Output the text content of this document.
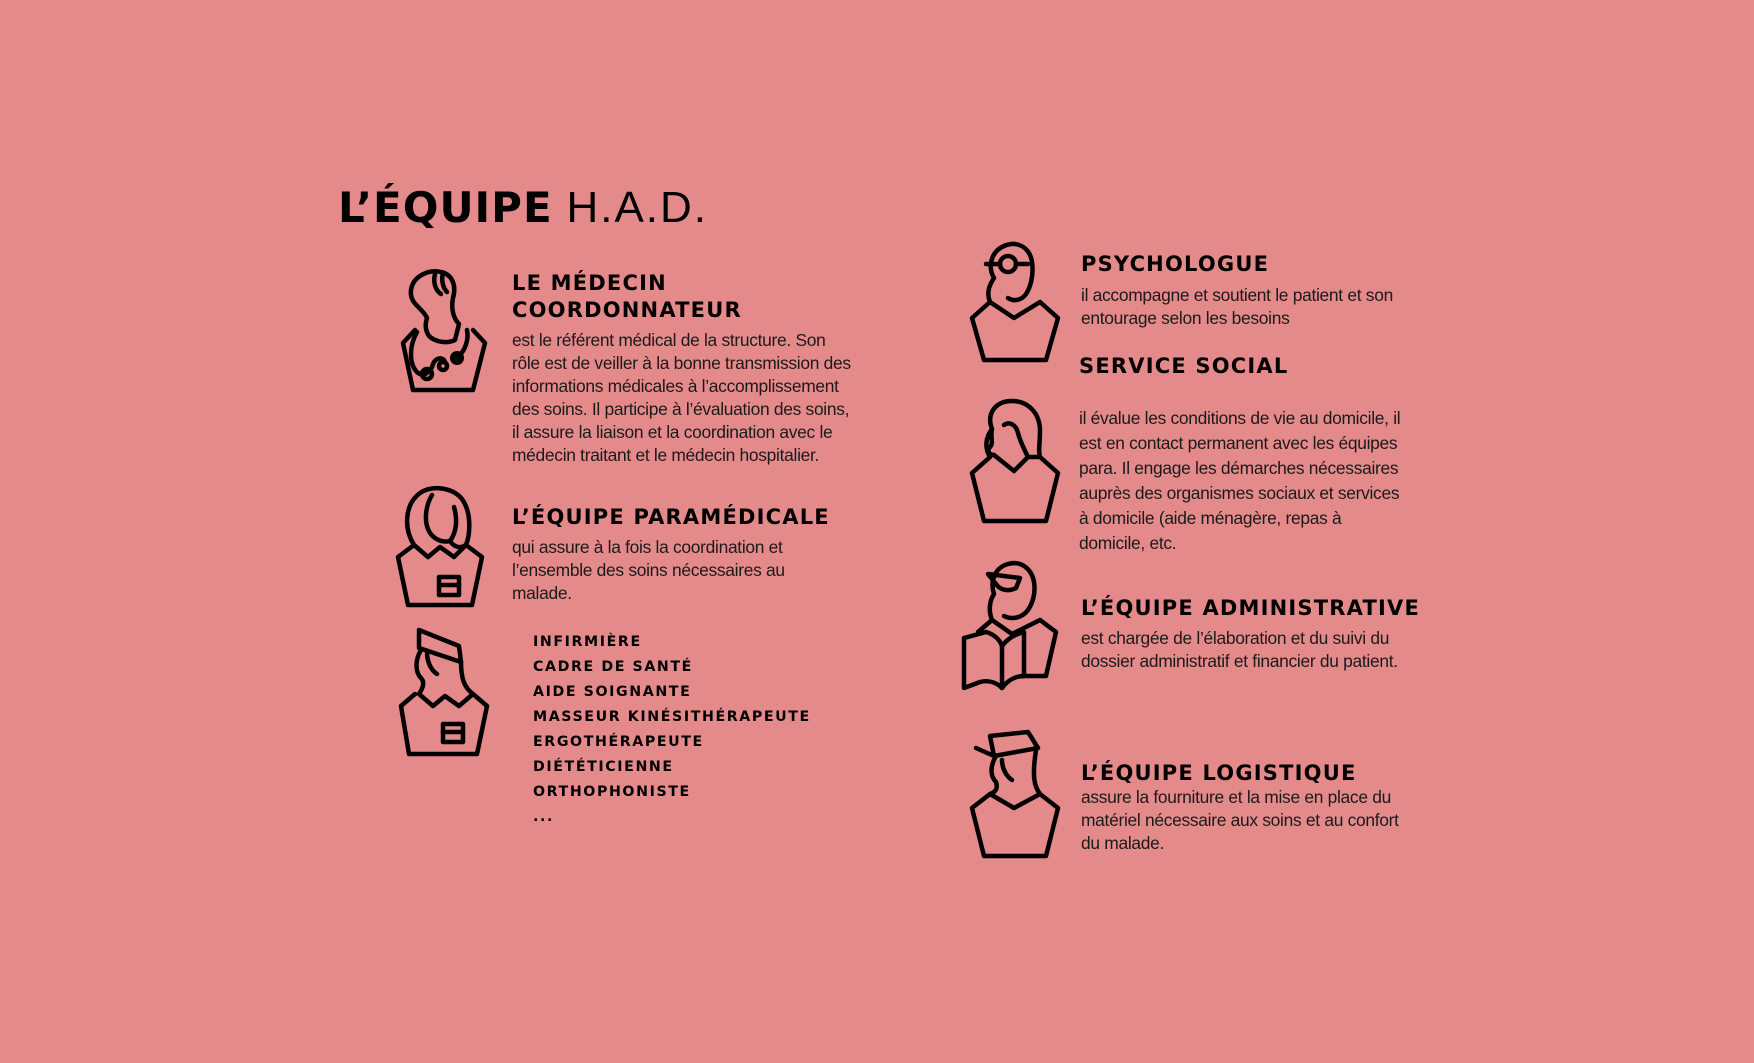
L’ÉQUIPE H.A.D.
LE MÉDECIN
COORDONNATEUR
est le référent médical de la structure. Son
rôle est de veiller à la bonne transmission des
informations médicales à l’accomplissement
des soins. Il participe à l’évaluation des soins,
il assure la liaison et la coordination avec le
médecin traitant et le médecin hospitalier.
L’ÉQUIPE PARAMÉDICALE
qui assure à la fois la coordination et
l’ensemble des soins nécessaires au
malade.
INFIRMIÈRE
CADRE DE SANTÉ
AIDE SOIGNANTE
MASSEUR KINÉSITHÉRAPEUTE
ERGOTHÉRAPEUTE
DIÉTÉTICIENNE
ORTHOPHONISTE
...
PSYCHOLOGUE
il accompagne et soutient le patient et son
entourage selon les besoins
SERVICE SOCIAL
il évalue les conditions de vie au domicile, il
est en contact permanent avec les équipes
para. Il engage les démarches nécessaires
auprès des organismes sociaux et services
à domicile (aide ménagère, repas à
domicile, etc.
L’ÉQUIPE ADMINISTRATIVE
est chargée de l’élaboration et du suivi du
dossier administratif et financier du patient.
L’ÉQUIPE LOGISTIQUE
assure la fourniture et la mise en place du
matériel nécessaire aux soins et au confort
du malade.
